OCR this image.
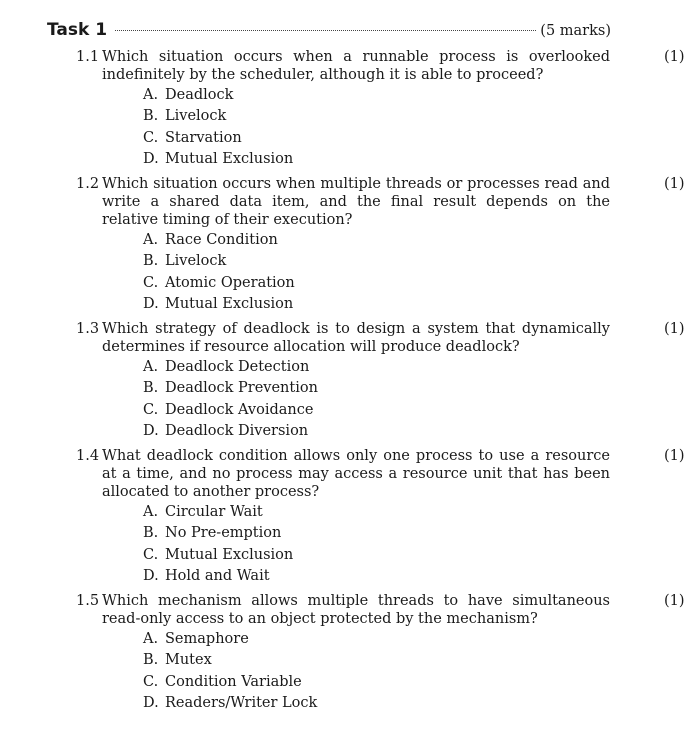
Task 1	(5 marks)
1.1 Which situation occurs when a runnable process is overlooked indefinitely by the scheduler, although it is able to proceed?
(1)
A. Deadlock
B. Livelock
C. Starvation
D. Mutual Exclusion
1.2 Which situation occurs when multiple threads or processes read and write a shared data item, and the final result depends on the relative timing of their execution?
(1)
A. Race Condition
B. Livelock
C. Atomic Operation
D. Mutual Exclusion
1.3 Which strategy of deadlock is to design a system that dynamically determines if resource allocation will produce deadlock?
(1)
A. Deadlock Detection
B. Deadlock Prevention
C. Deadlock Avoidance
D. Deadlock Diversion
1.4 What deadlock condition allows only one process to use a resource at a time, and no process may access a resource unit that has been allocated to another process?
(1)
A. Circular Wait
B. No Pre-emption
C. Mutual Exclusion
D. Hold and Wait
1.5 Which mechanism allows multiple threads to have simultaneous read-only access to an object protected by the mechanism?
(1)
A. Semaphore
B. Mutex
C. Condition Variable
D. Readers/Writer Lock
